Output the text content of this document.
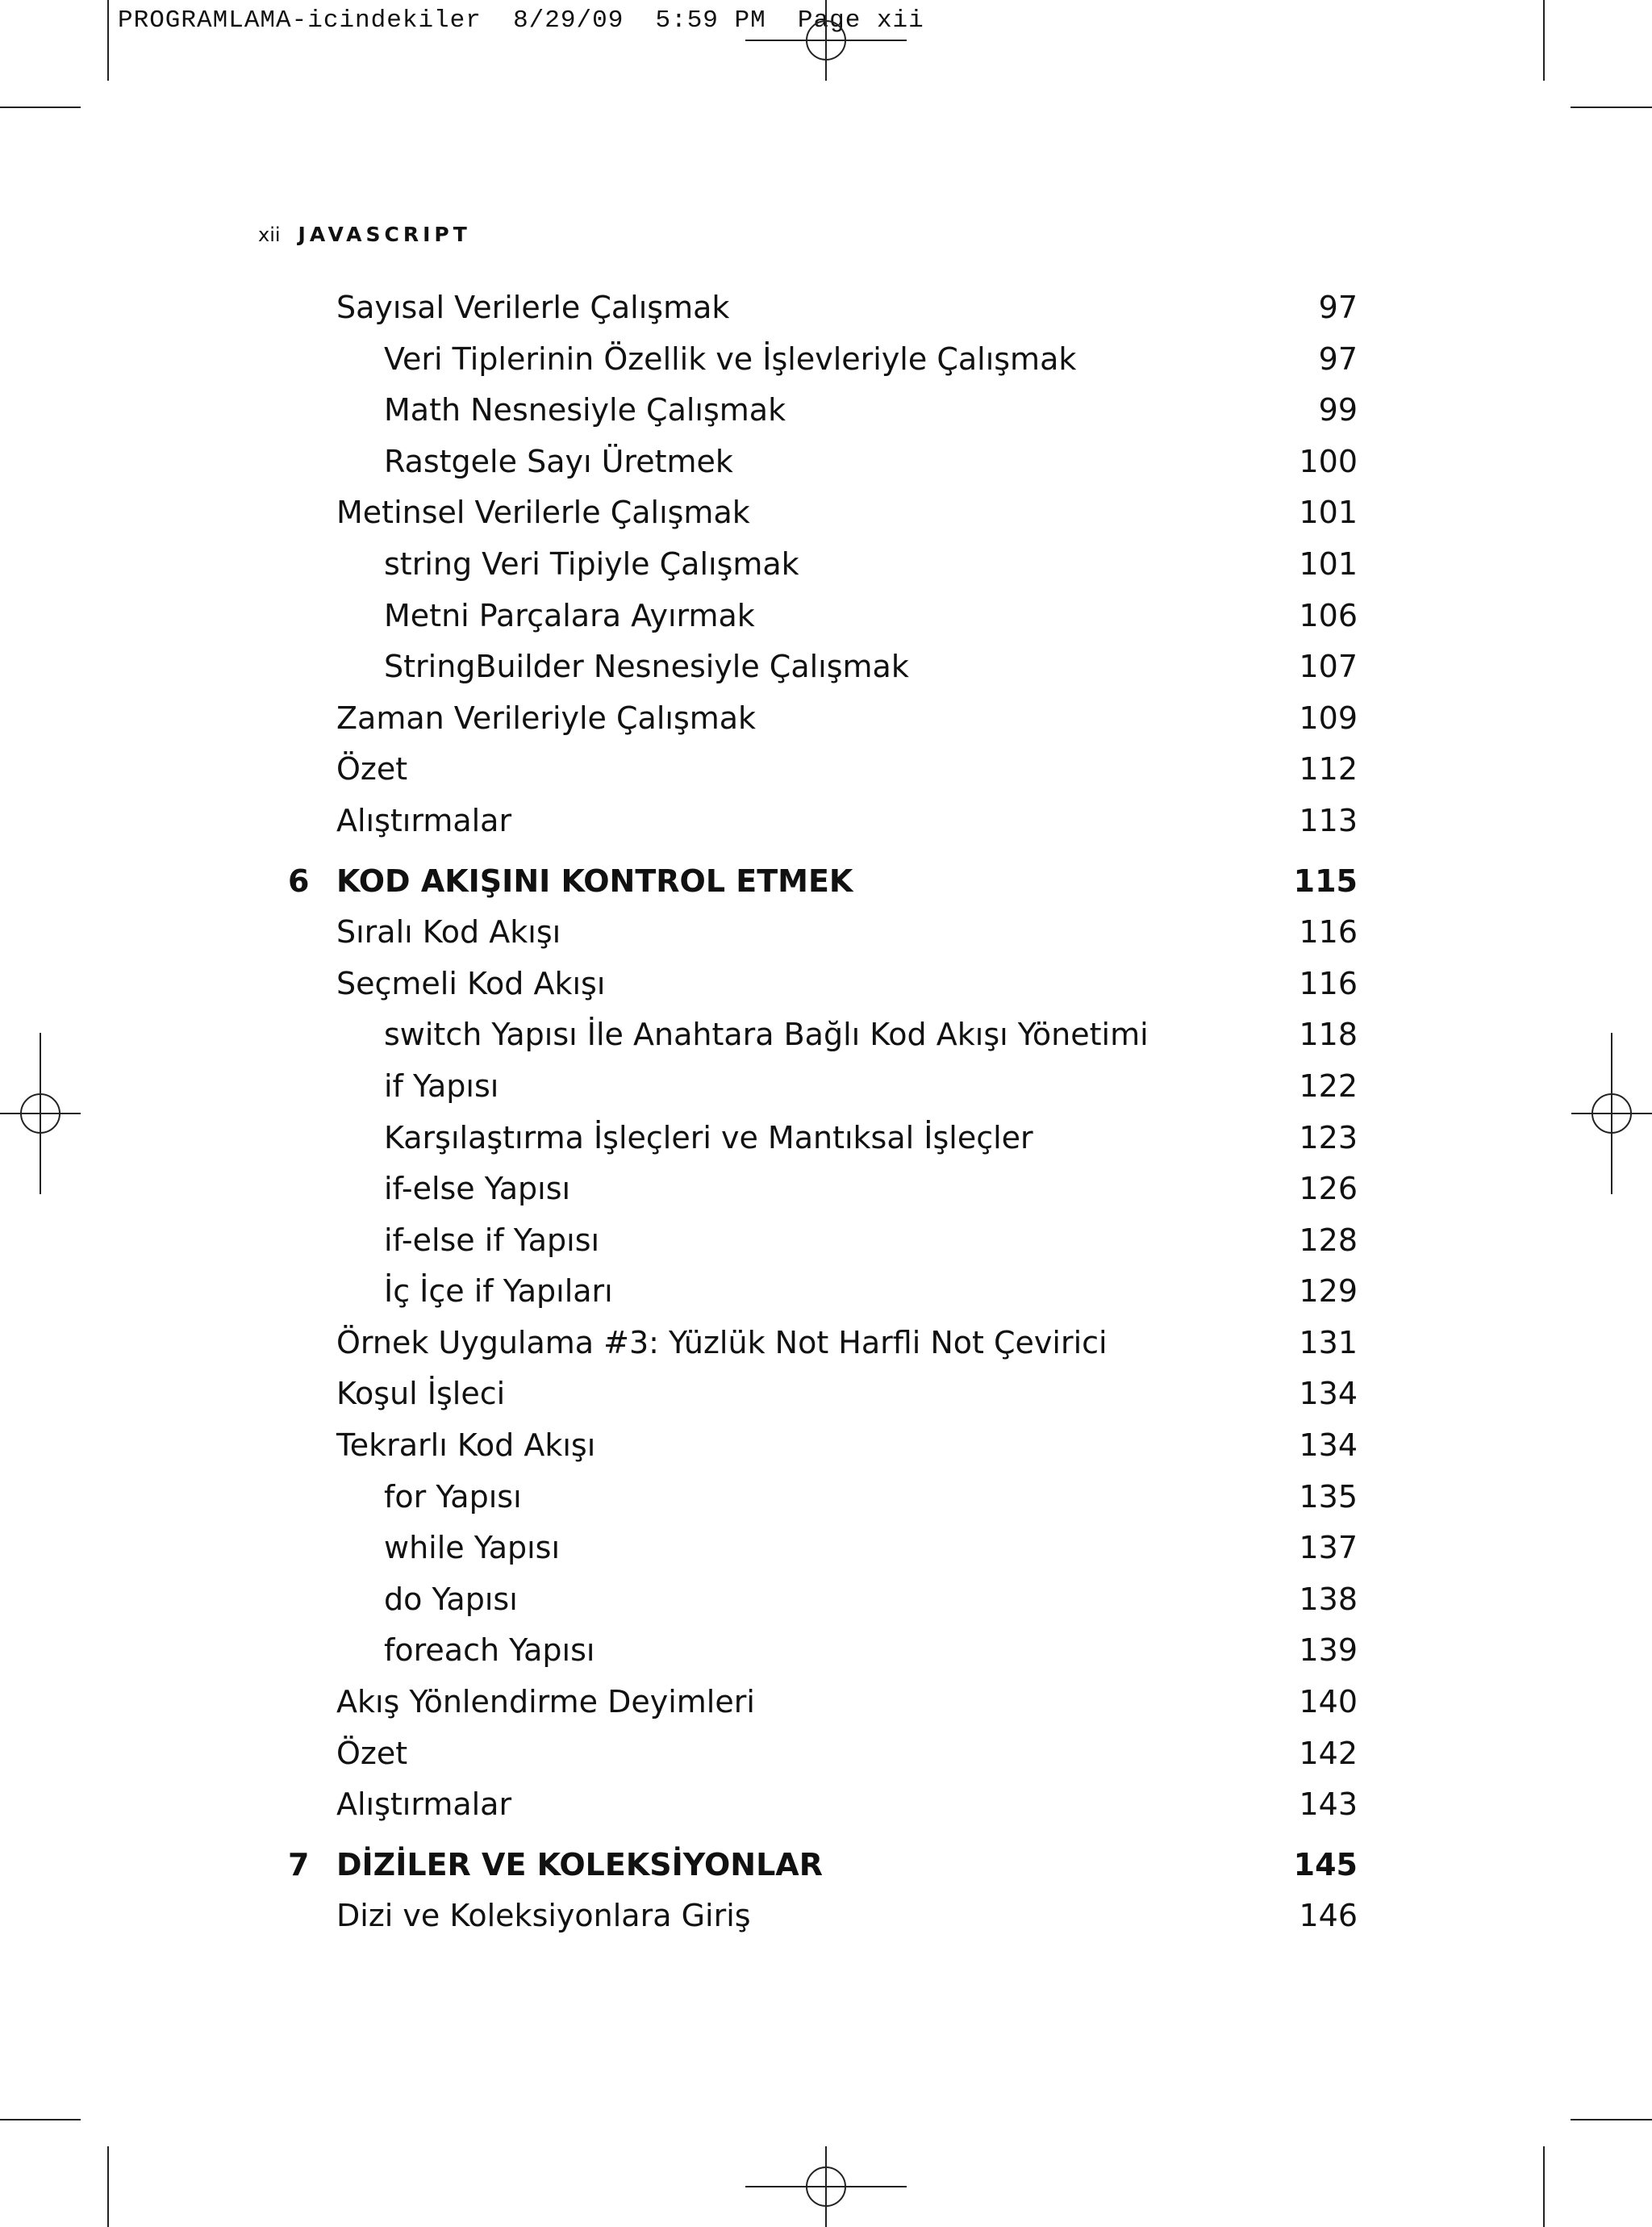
PROGRAMLAMA-icindekiler  8/29/09  5:59 PM  Page xii
xii JAVASCRIPT
Sayısal Verilerle Çalışmak	97
Veri Tiplerinin Özellik ve İşlevleriyle Çalışmak	97
Math Nesnesiyle Çalışmak	99
Rastgele Sayı Üretmek	100
Metinsel Verilerle Çalışmak	101
string Veri Tipiyle Çalışmak	101
Metni Parçalara Ayırmak	106
StringBuilder Nesnesiyle Çalışmak	107
Zaman Verileriyle Çalışmak	109
Özet	112
Alıştırmalar	113
6 KOD AKIŞINI KONTROL ETMEK	115
Sıralı Kod Akışı	116
Seçmeli Kod Akışı	116
switch Yapısı İle Anahtara Bağlı Kod Akışı Yönetimi	118
if Yapısı	122
Karşılaştırma İşleçleri ve Mantıksal İşleçler	123
if-else Yapısı	126
if-else if Yapısı	128
İç İçe if Yapıları	129
Örnek Uygulama #3: Yüzlük Not Harfli Not Çevirici	131
Koşul İşleci	134
Tekrarlı Kod Akışı	134
for Yapısı	135
while Yapısı	137
do Yapısı	138
foreach Yapısı	139
Akış Yönlendirme Deyimleri	140
Özet	142
Alıştırmalar	143
7 DİZİLER VE KOLEKSİYONLAR	145
Dizi ve Koleksiyonlara Giriş	146
